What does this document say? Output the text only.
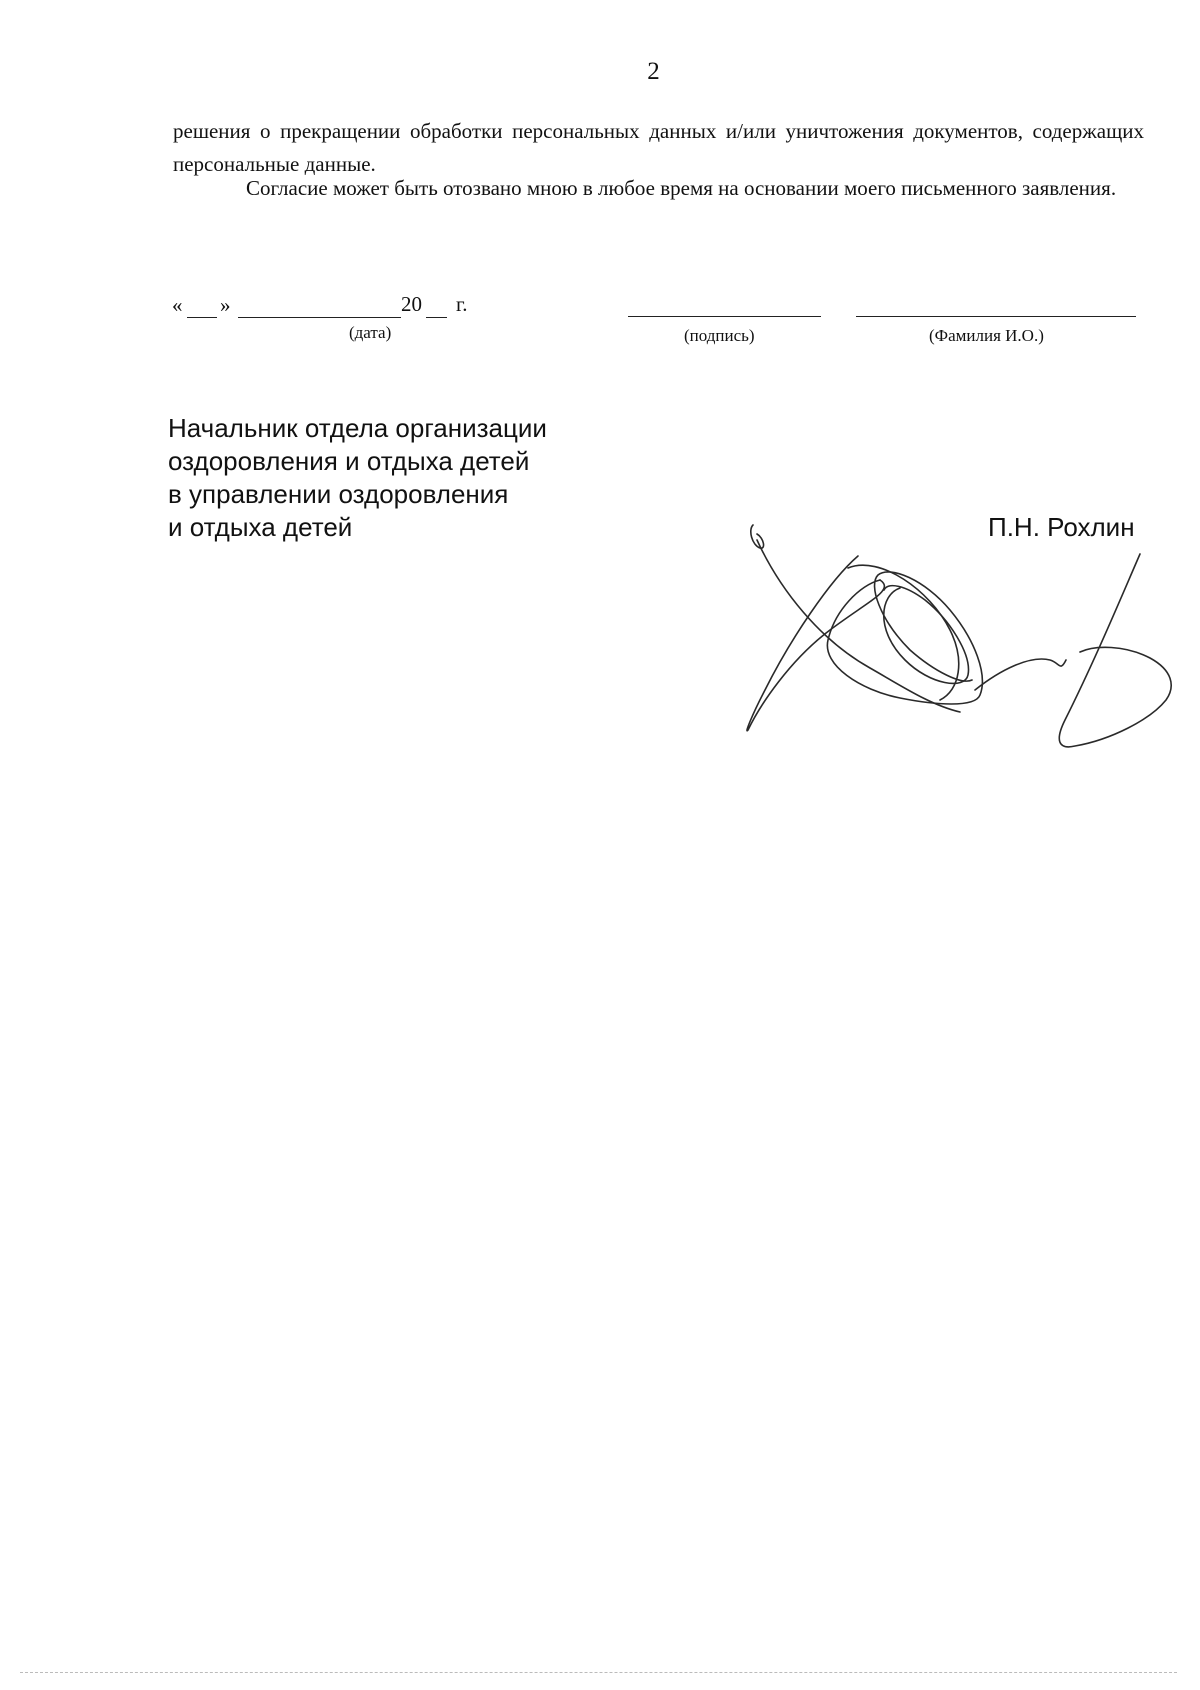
2
решения о прекращении обработки персональных данных и/или уничтожения документов, содержащих персональные данные.
Согласие может быть отозвано мною в любое время на основании моего письменного заявления.
« »	20 г.
(дата)	(подпись)	(Фамилия И.О.)
Начальник отдела организации
оздоровления и отдыха детей
в управлении оздоровления
и отдыха детей	П.Н. Рохлин
